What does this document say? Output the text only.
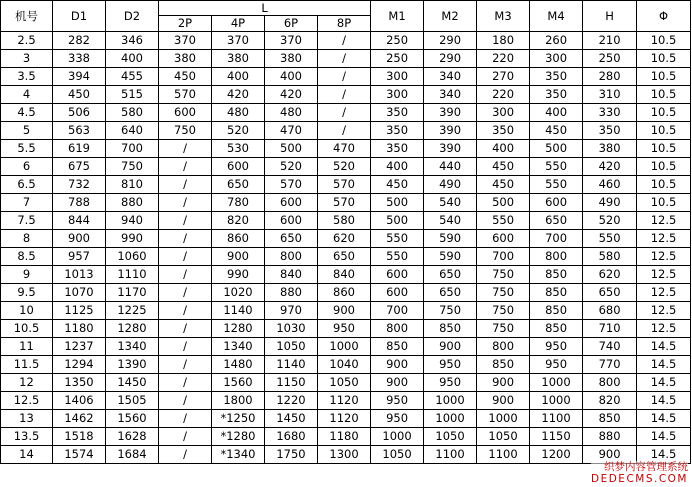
机号	D1	D2	L				M1	M2	M3	M4	H	Φ
			2P	4P	6P	8P						
2.5	282	346	370	370	370	/	250	290	180	260	210	10.5
3	338	400	380	380	380	/	250	290	220	300	250	10.5
3.5	394	455	450	400	400	/	300	340	270	350	280	10.5
4	450	515	570	420	420	/	300	340	220	350	310	10.5
4.5	506	580	600	480	480	/	350	390	300	400	330	10.5
5	563	640	750	520	470	/	350	390	350	450	350	10.5
5.5	619	700	/	530	500	470	350	390	400	500	380	10.5
6	675	750	/	600	520	520	400	440	450	550	420	10.5
6.5	732	810	/	650	570	570	450	490	450	550	460	10.5
7	788	880	/	780	600	570	500	540	500	600	490	10.5
7.5	844	940	/	820	600	580	500	540	550	650	520	12.5
8	900	990	/	860	650	620	550	590	600	700	550	12.5
8.5	957	1060	/	900	800	650	550	590	700	800	580	12.5
9	1013	1110	/	990	840	840	600	650	750	850	620	12.5
9.5	1070	1170	/	1020	880	860	600	650	750	850	650	12.5
10	1125	1225	/	1140	970	900	700	750	750	850	680	12.5
10.5	1180	1280	/	1280	1030	950	800	850	750	850	710	12.5
11	1237	1340	/	1340	1050	1000	850	900	800	950	740	14.5
11.5	1294	1390	/	1480	1140	1040	900	950	850	950	770	14.5
12	1350	1450	/	1560	1150	1050	900	950	900	1000	800	14.5
12.5	1406	1505	/	1800	1220	1120	950	1000	900	1000	820	14.5
13	1462	1560	/	*1250	1450	1120	950	1000	1000	1100	850	14.5
13.5	1518	1628	/	*1280	1680	1180	1000	1050	1050	1150	880	14.5
14	1574	1684	/	*1340	1750	1300	1050	1100	1100	1200	900	14.5
织梦内容管理系统
DEDECMS.COM
